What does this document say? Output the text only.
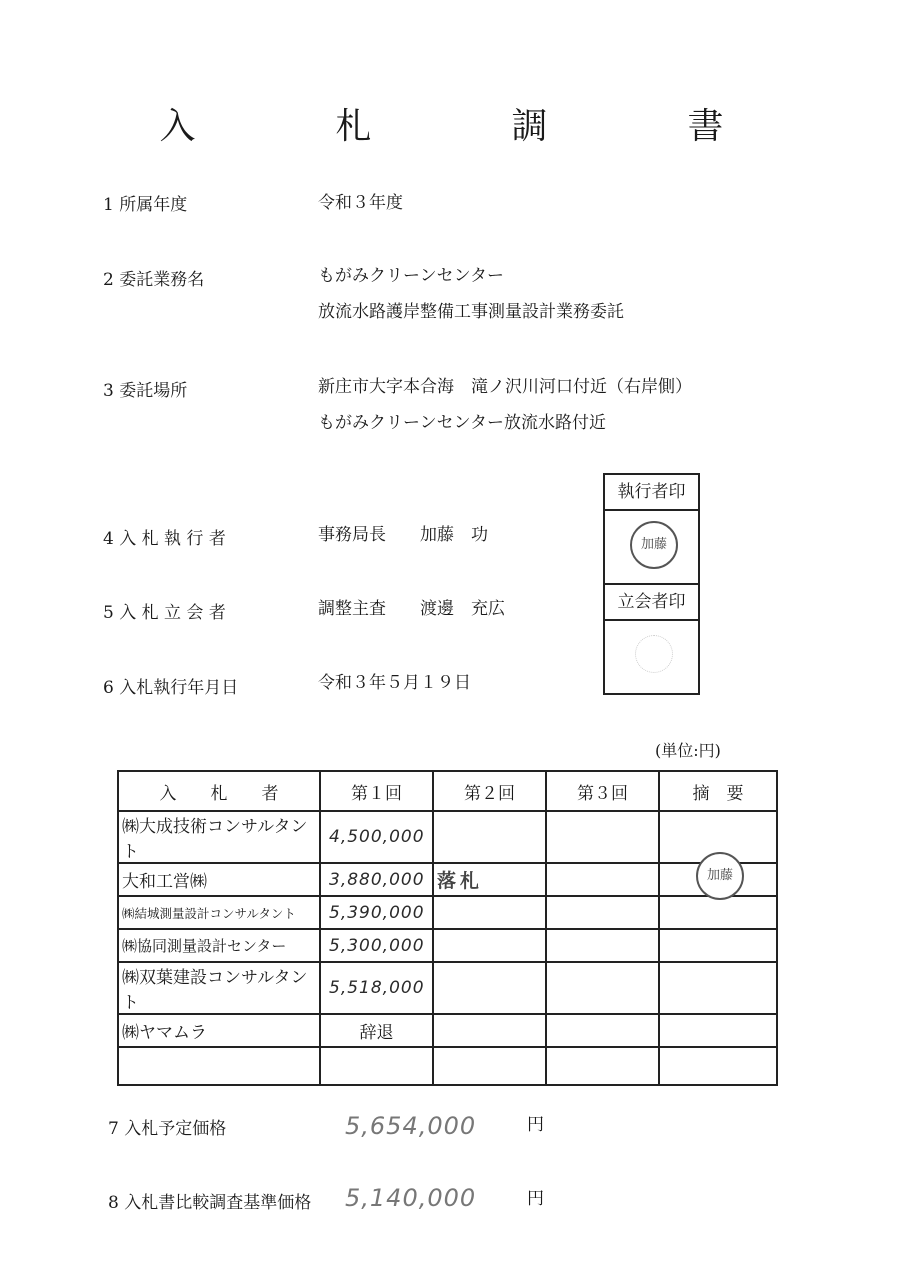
入　札　調　書
1 所属年度	令和３年度
2 委託業務名	もがみクリーンセンター
放流水路護岸整備工事測量設計業務委託
3 委託場所	新庄市大字本合海　滝ノ沢川河口付近（右岸側）
もがみクリーンセンター放流水路付近
4 入 札 執 行 者	事務局長　　加藤　功
5 入 札 立 会 者	調整主査　　渡邊　充広
6 入札執行年月日	令和３年５月１９日
執行者印
加藤
立会者印
(単位:円)
入　　札　　者	第１回	第２回	第３回	摘　要
㈱大成技術コンサルタント	4,500,000			
大和工営㈱	3,880,000	落札		加藤

㈱結城測量設計コンサルタント	5,390,000			
㈱協同測量設計センター	5,300,000			
㈱双葉建設コンサルタント	5,518,000			
㈱ヤマムラ	辞退			

7 入札予定価格	5,654,000	円
8 入札書比較調査基準価格 5,140,000	円
